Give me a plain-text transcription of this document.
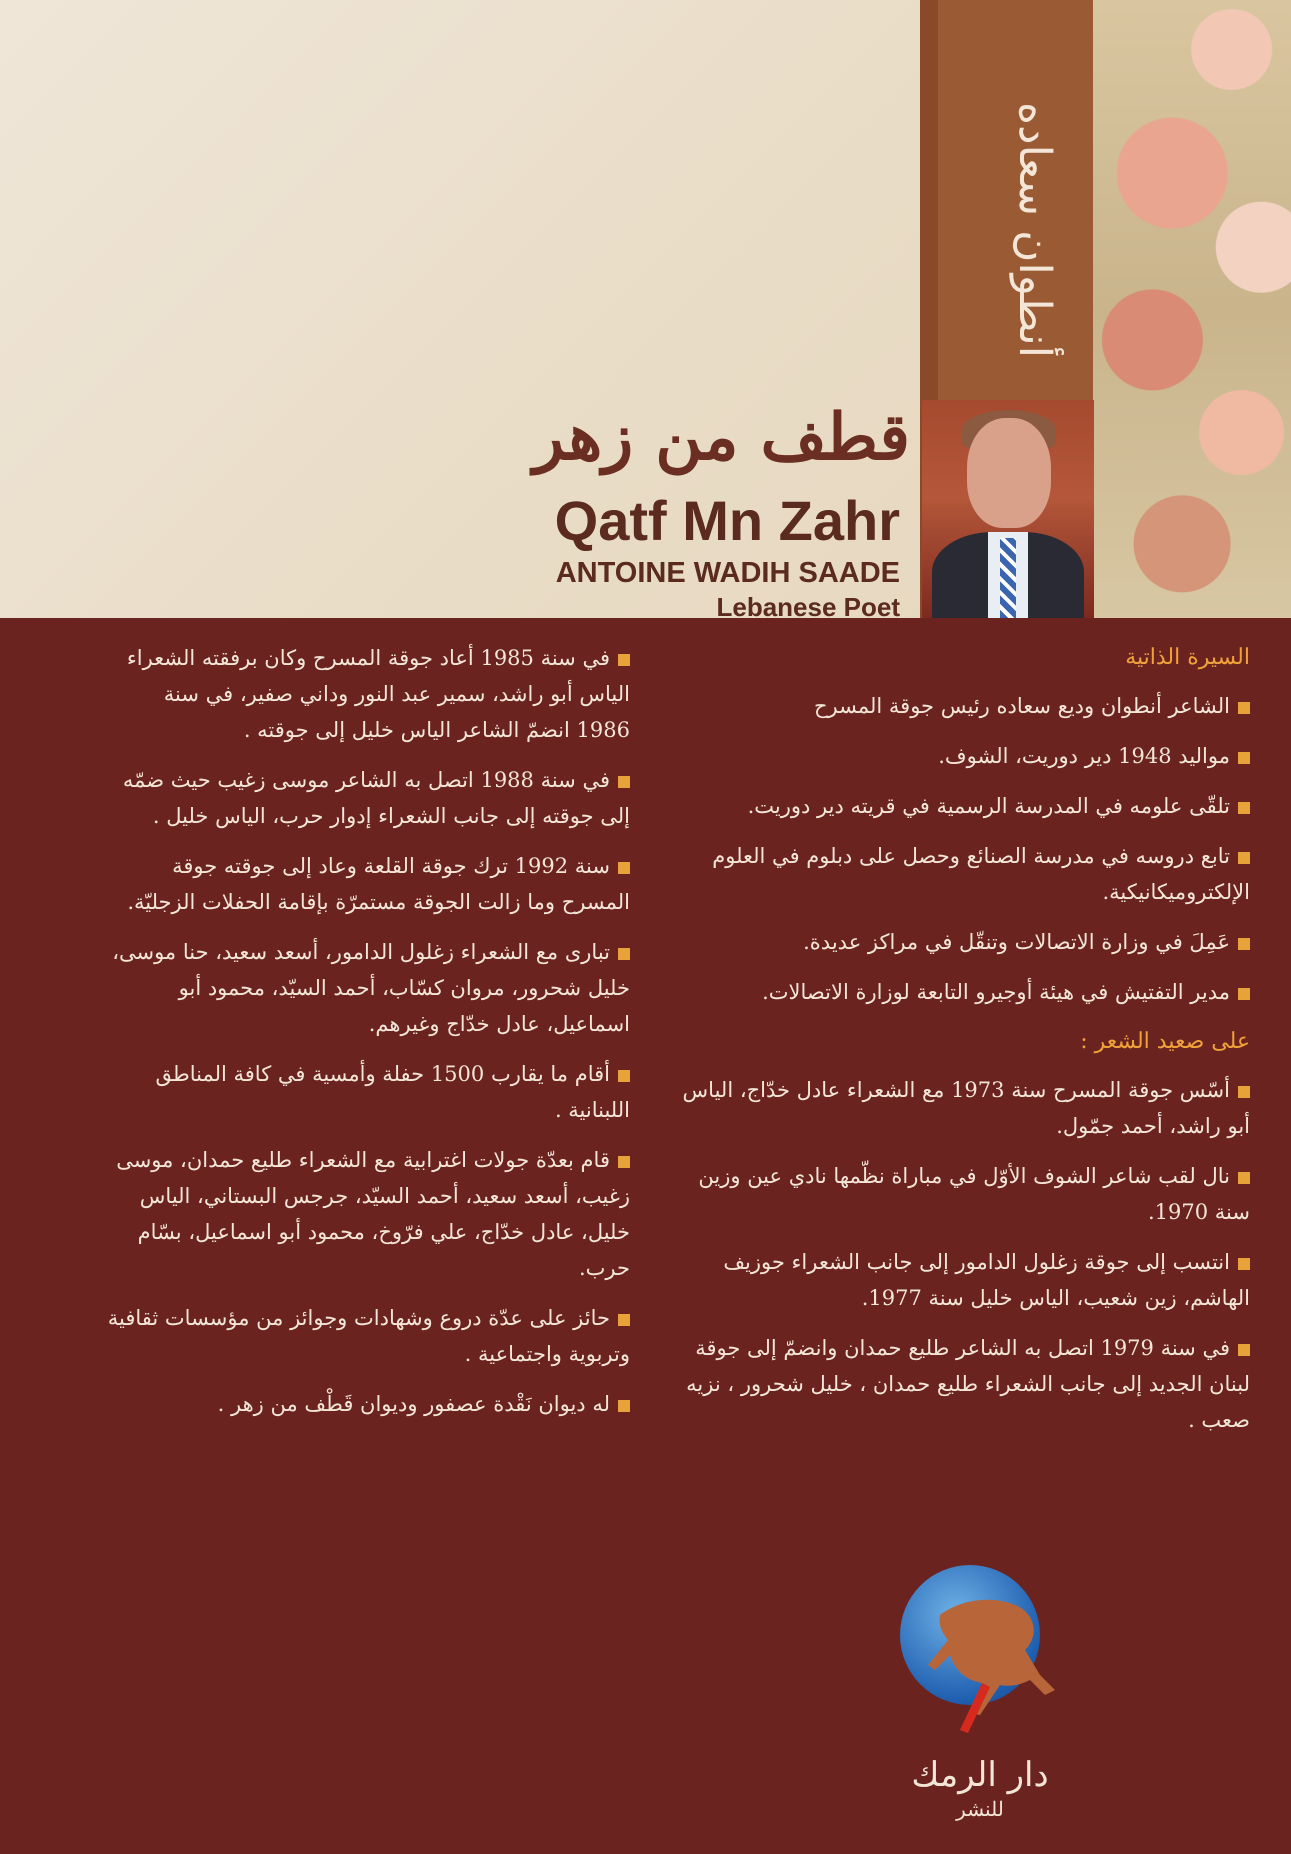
أنطوان سعاده
قطف من زهر
Qatf Mn Zahr
ANTOINE WADIH SAADE
Lebanese Poet
السيرة الذاتية
الشاعر أنطوان وديع سعاده رئيس جوقة المسرح
مواليد 1948 دير دوريت، الشوف.
تلقّى علومه في المدرسة الرسمية في قريته دير دوريت.
تابع دروسه في مدرسة الصنائع وحصل على دبلوم في العلوم الإلكتروميكانيكية.
عَمِلَ في وزارة الاتصالات وتنقّل في مراكز عديدة.
مدير التفتيش في هيئة أوجيرو التابعة لوزارة الاتصالات.
على صعيد الشعر :
أسّس جوقة المسرح سنة 1973 مع الشعراء عادل خدّاج، الياس أبو راشد، أحمد جمّول.
نال لقب شاعر الشوف الأوّل في مباراة نظّمها نادي عين وزين سنة 1970.
انتسب إلى جوقة زغلول الدامور إلى جانب الشعراء جوزيف الهاشم، زين شعيب، الياس خليل سنة 1977.
في سنة 1979 اتصل به الشاعر طليع حمدان وانضمّ إلى جوقة لبنان الجديد إلى جانب الشعراء طليع حمدان ، خليل شحرور ، نزيه صعب .
في سنة 1985 أعاد جوقة المسرح وكان برفقته الشعراء الياس أبو راشد، سمير عبد النور وداني صفير، في سنة 1986 انضمّ الشاعر الياس خليل إلى جوقته .
في سنة 1988 اتصل به الشاعر موسى زغيب حيث ضمّه إلى جوقته إلى جانب الشعراء إدوار حرب، الياس خليل .
سنة 1992 ترك جوقة القلعة وعاد إلى جوقته جوقة المسرح وما زالت الجوقة مستمرّة بإقامة الحفلات الزجليّة.
تبارى مع الشعراء زغلول الدامور، أسعد سعيد، حنا موسى، خليل شحرور، مروان كسّاب، أحمد السيّد، محمود أبو اسماعيل، عادل خدّاج وغيرهم.
أقام ما يقارب 1500 حفلة وأمسية في كافة المناطق اللبنانية .
قام بعدّة جولات اغترابية مع الشعراء طليع حمدان، موسى زغيب، أسعد سعيد، أحمد السيّد، جرجس البستاني، الياس خليل، عادل خدّاج، علي فرّوخ، محمود أبو اسماعيل، بسّام حرب.
حائز على عدّة دروع وشهادات وجوائز من مؤسسات ثقافية وتربوية واجتماعية .
له ديوان نَقْدة عصفور وديوان قَطْف من زهر .
دار الرمك
للنشر
